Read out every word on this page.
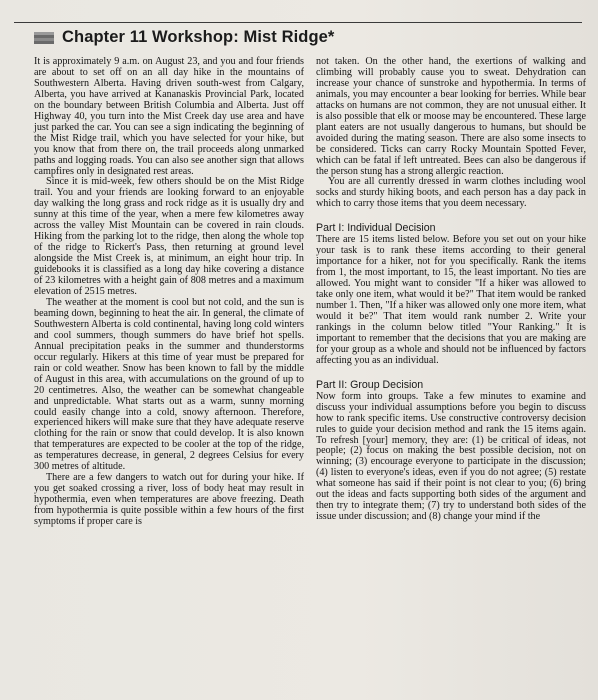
Chapter 11 Workshop: Mist Ridge*

It is approximately 9 a.m. on August 23, and you and four friends are about to set off on an all day hike in the mountains of Southwestern Alberta. Having driven south-west from Calgary, Alberta, you have arrived at Kananaskis Provincial Park, located on the boundary between British Columbia and Alberta. Just off Highway 40, you turn into the Mist Creek day use area and have just parked the car. You can see a sign indicating the beginning of the Mist Ridge trail, which you have selected for your hike, but you know that from there on, the trail proceeds along unmarked paths and logging roads. You can also see another sign that allows campfires only in designated rest areas.

Since it is mid-week, few others should be on the Mist Ridge trail. You and your friends are looking forward to an enjoyable day walking the long grass and rock ridge as it is usually dry and sunny at this time of the year, when a mere few kilometres away across the valley Mist Mountain can be covered in rain clouds. Hiking from the parking lot to the ridge, then along the whole top of the ridge to Rickert's Pass, then returning at ground level alongside the Mist Creek is, at minimum, an eight hour trip. In guidebooks it is classified as a long day hike covering a distance of 23 kilometres with a height gain of 808 metres and a maximum elevation of 2515 metres.

The weather at the moment is cool but not cold, and the sun is beaming down, beginning to heat the air. In general, the climate of Southwestern Alberta is cold continental, having long cold winters and cool summers, though summers do have brief hot spells. Annual precipitation peaks in the summer and thunderstorms occur regularly. Hikers at this time of year must be prepared for rain or cold weather. Snow has been known to fall by the middle of August in this area, with accumulations on the ground of up to 20 centimetres. Also, the weather can be somewhat changeable and unpredictable. What starts out as a warm, sunny morning could easily change into a cold, snowy afternoon. Therefore, experienced hikers will make sure that they have adequate reserve clothing for the rain or snow that could develop. It is also known that temperatures are expected to be cooler at the top of the ridge, as temperatures decrease, in general, 2 degrees Celsius for every 300 metres of altitude.

There are a few dangers to watch out for during your hike. If you get soaked crossing a river, loss of body heat may result in hypothermia, even when temperatures are above freezing. Death from hypothermia is quite possible within a few hours of the first symptoms if proper care is

not taken. On the other hand, the exertions of walking and climbing will probably cause you to sweat. Dehydration can increase your chance of sunstroke and hypothermia. In terms of animals, you may encounter a bear looking for berries. While bear attacks on humans are not common, they are not unusual either. It is also possible that elk or moose may be encountered. These large plant eaters are not usually dangerous to humans, but should be avoided during the mating season. There are also some insects to be considered. Ticks can carry Rocky Mountain Spotted Fever, which can be fatal if left untreated. Bees can also be dangerous if the person stung has a strong allergic reaction.

You are all currently dressed in warm clothes including wool socks and sturdy hiking boots, and each person has a day pack in which to carry those items that you deem necessary.

Part I: Individual Decision

There are 15 items listed below. Before you set out on your hike your task is to rank these items according to their general importance for a hiker, not for you specifically. Rank the items from 1, the most important, to 15, the least important. No ties are allowed. You might want to consider "If a hiker was allowed to take only one item, what would it be?" That item would be ranked number 1. Then, "If a hiker was allowed only one more item, what would it be?" That item would rank number 2. Write your rankings in the column below titled "Your Ranking." It is important to remember that the decisions that you are making are for your group as a whole and should not be influenced by factors affecting you as an individual.

Part II: Group Decision

Now form into groups. Take a few minutes to examine and discuss your individual assumptions before you begin to discuss how to rank specific items. Use constructive controversy decision rules to guide your decision method and rank the 15 items again. To refresh [your] memory, they are: (1) be critical of ideas, not people; (2) focus on making the best possible decision, not on winning; (3) encourage everyone to participate in the discussion; (4) listen to everyone's ideas, even if you do not agree; (5) restate what someone has said if their point is not clear to you; (6) bring out the ideas and facts supporting both sides of the argument and then try to integrate them; (7) try to understand both sides of the issue under discussion; and (8) change your mind if the
